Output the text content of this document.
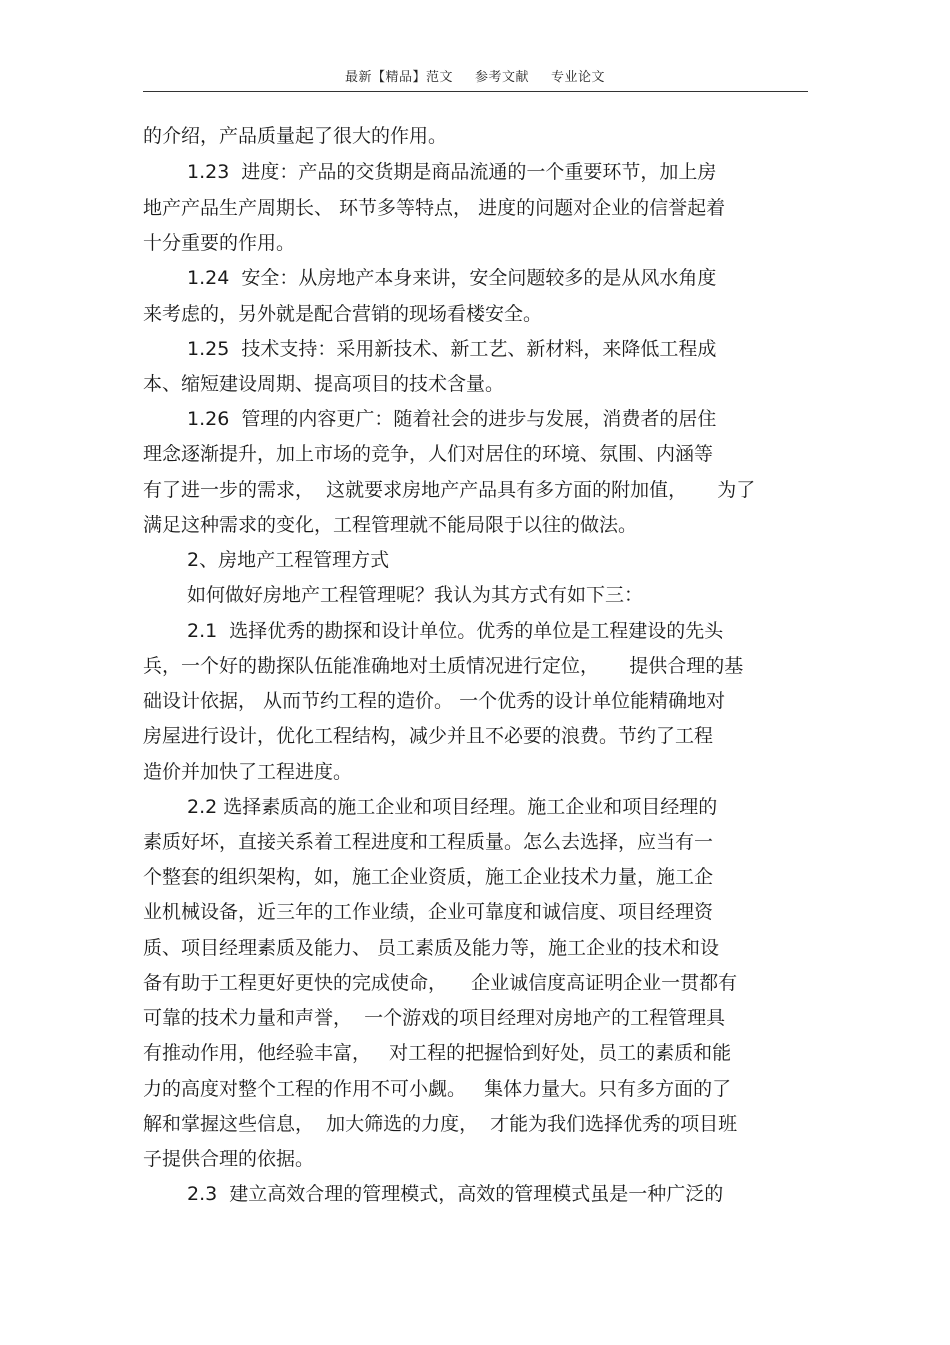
最新【精品】范文 参考文献 专业论文
的介绍，产品质量起了很大的作用。
1.23  进度：产品的交货期是商品流通的一个重要环节，加上房
地产产品生产周期长、 环节多等特点， 进度的问题对企业的信誉起着
十分重要的作用。
1.24  安全：从房地产本身来讲，安全问题较多的是从风水角度
来考虑的，另外就是配合营销的现场看楼安全。
1.25  技术支持：采用新技术、新工艺、新材料，来降低工程成
本、缩短建设周期、提高项目的技术含量。
1.26  管理的内容更广：随着社会的进步与发展，消费者的居住
理念逐渐提升，加上市场的竞争，人们对居住的环境、氛围、内涵等
有了进一步的需求，  这就要求房地产产品具有多方面的附加值，     为了
满足这种需求的变化，工程管理就不能局限于以往的做法。
2、房地产工程管理方式
如何做好房地产工程管理呢？我认为其方式有如下三：
2.1  选择优秀的勘探和设计单位。优秀的单位是工程建设的先头
兵，一个好的勘探队伍能准确地对土质情况进行定位，     提供合理的基
础设计依据， 从而节约工程的造价。 一个优秀的设计单位能精确地对
房屋进行设计，优化工程结构，减少并且不必要的浪费。节约了工程
造价并加快了工程进度。
2.2 选择素质高的施工企业和项目经理。施工企业和项目经理的
素质好坏，直接关系着工程进度和工程质量。怎么去选择，应当有一
个整套的组织架构，如，施工企业资质，施工企业技术力量，施工企
业机械设备，近三年的工作业绩，企业可靠度和诚信度、项目经理资
质、项目经理素质及能力、 员工素质及能力等，施工企业的技术和设
备有助于工程更好更快的完成使命，    企业诚信度高证明企业一贯都有
可靠的技术力量和声誉，  一个游戏的项目经理对房地产的工程管理具
有推动作用，他经验丰富，   对工程的把握恰到好处，员工的素质和能
力的高度对整个工程的作用不可小觑。   集体力量大。只有多方面的了
解和掌握这些信息，  加大筛选的力度，  才能为我们选择优秀的项目班
子提供合理的依据。
2.3  建立高效合理的管理模式，高效的管理模式虽是一种广泛的
